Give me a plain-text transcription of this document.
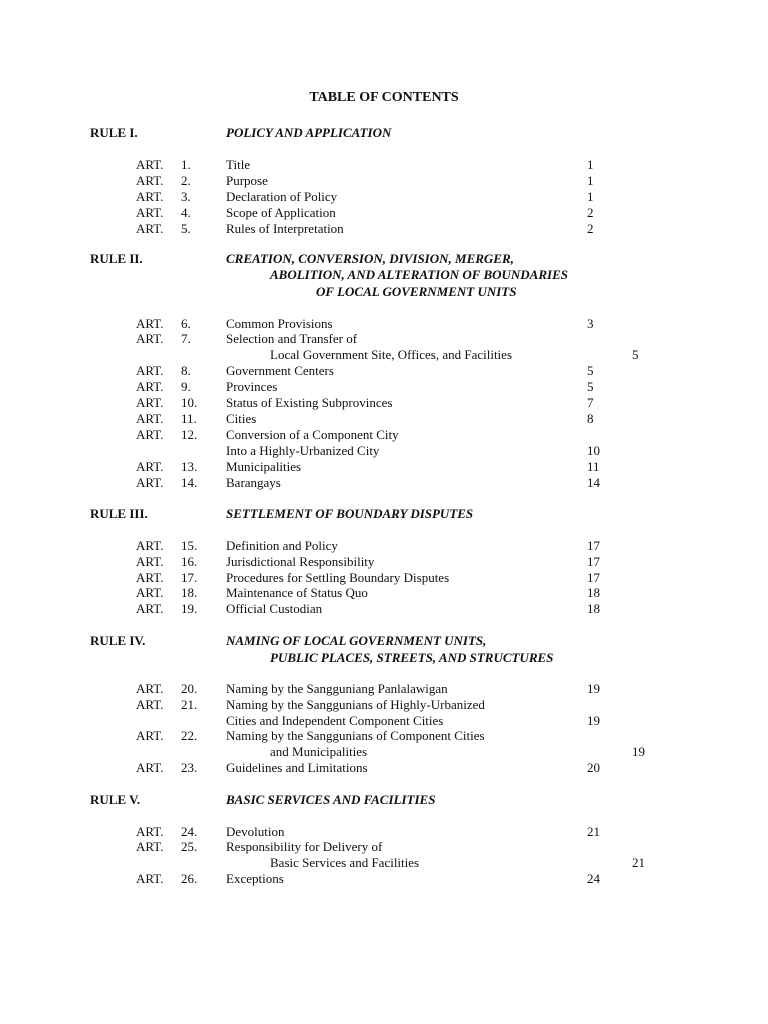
TABLE OF CONTENTS
RULE I.	POLICY AND APPLICATION
ART. 1.	Title	1
ART. 2.	Purpose	1
ART. 3.	Declaration of Policy	1
ART. 4.	Scope of Application	2
ART. 5.	Rules of Interpretation	2
RULE II.	CREATION, CONVERSION, DIVISION, MERGER,
ABOLITION, AND ALTERATION OF BOUNDARIES
OF LOCAL GOVERNMENT UNITS
ART. 6.	Common Provisions	3
ART. 7.	Selection and Transfer of
Local Government Site, Offices, and Facilities	5
ART. 8.	Government Centers	5
ART. 9.	Provinces	5
ART. 10. Status of Existing Subprovinces	7
ART. 11. Cities	8
ART. 12. Conversion of a Component City
Into a Highly-Urbanized City	10
ART. 13. Municipalities	11
ART. 14. Barangays	14
RULE III.	SETTLEMENT OF BOUNDARY DISPUTES
ART. 15. Definition and Policy	17
ART. 16. Jurisdictional Responsibility	17
ART. 17. Procedures for Settling Boundary Disputes	17
ART. 18. Maintenance of Status Quo	18
ART. 19. Official Custodian	18
RULE IV.	NAMING OF LOCAL GOVERNMENT UNITS,
PUBLIC PLACES, STREETS, AND STRUCTURES
ART. 20. Naming by the Sangguniang Panlalawigan	19
ART. 21. Naming by the Sanggunians of Highly-Urbanized
Cities and Independent Component Cities	19
ART. 22. Naming by the Sanggunians of Component Cities
and Municipalities	19
ART. 23. Guidelines and Limitations	20
RULE V.	BASIC SERVICES AND FACILITIES
ART. 24. Devolution	21
ART. 25. Responsibility for Delivery of
Basic Services and Facilities	21
ART. 26. Exceptions	24
